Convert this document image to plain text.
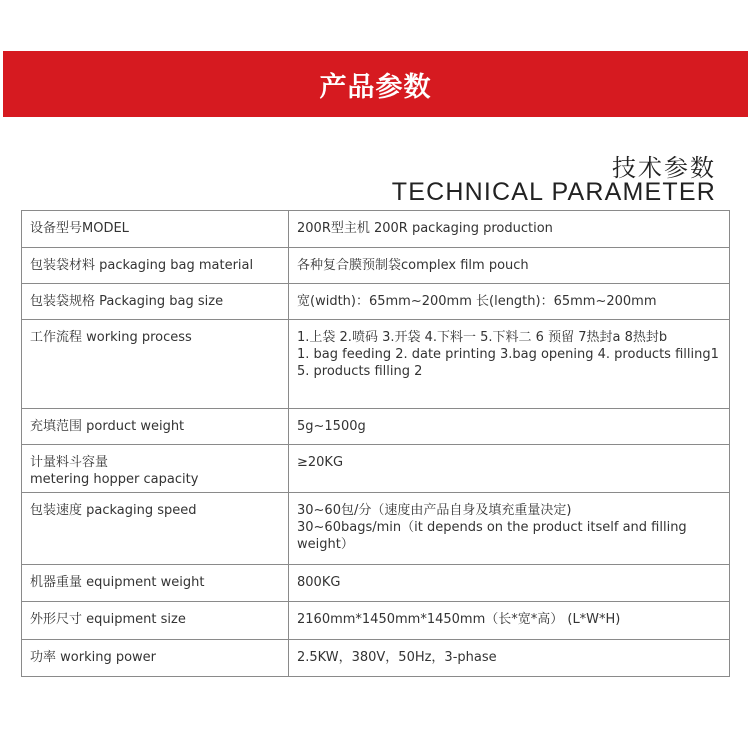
产品参数
技术参数
TECHNICAL PARAMETER
设备型号MODEL	200R型主机 200R packaging production
包装袋材料 packaging bag material	各种复合膜预制袋complex film pouch
包装袋规格 Packaging bag size	宽(width)：65mm~200mm 长(length)：65mm~200mm
工作流程 working process	1.上袋 2.喷码 3.开袋 4.下料一 5.下料二 6 预留 7热封a 8热封b
1. bag feeding 2. date printing 3.bag opening 4. products filling1
5. products filling 2
充填范围 porduct weight	5g~1500g
计量料斗容量
metering hopper capacity	≥20KG
包装速度 packaging speed	30~60包/分（速度由产品自身及填充重量决定)
30~60bags/min（it depends on the product itself and filling weight）
机器重量 equipment weight	800KG
外形尺寸 equipment size	2160mm*1450mm*1450mm（长*宽*高） (L*W*H)
功率 working power	2.5KW，380V，50Hz，3-phase
